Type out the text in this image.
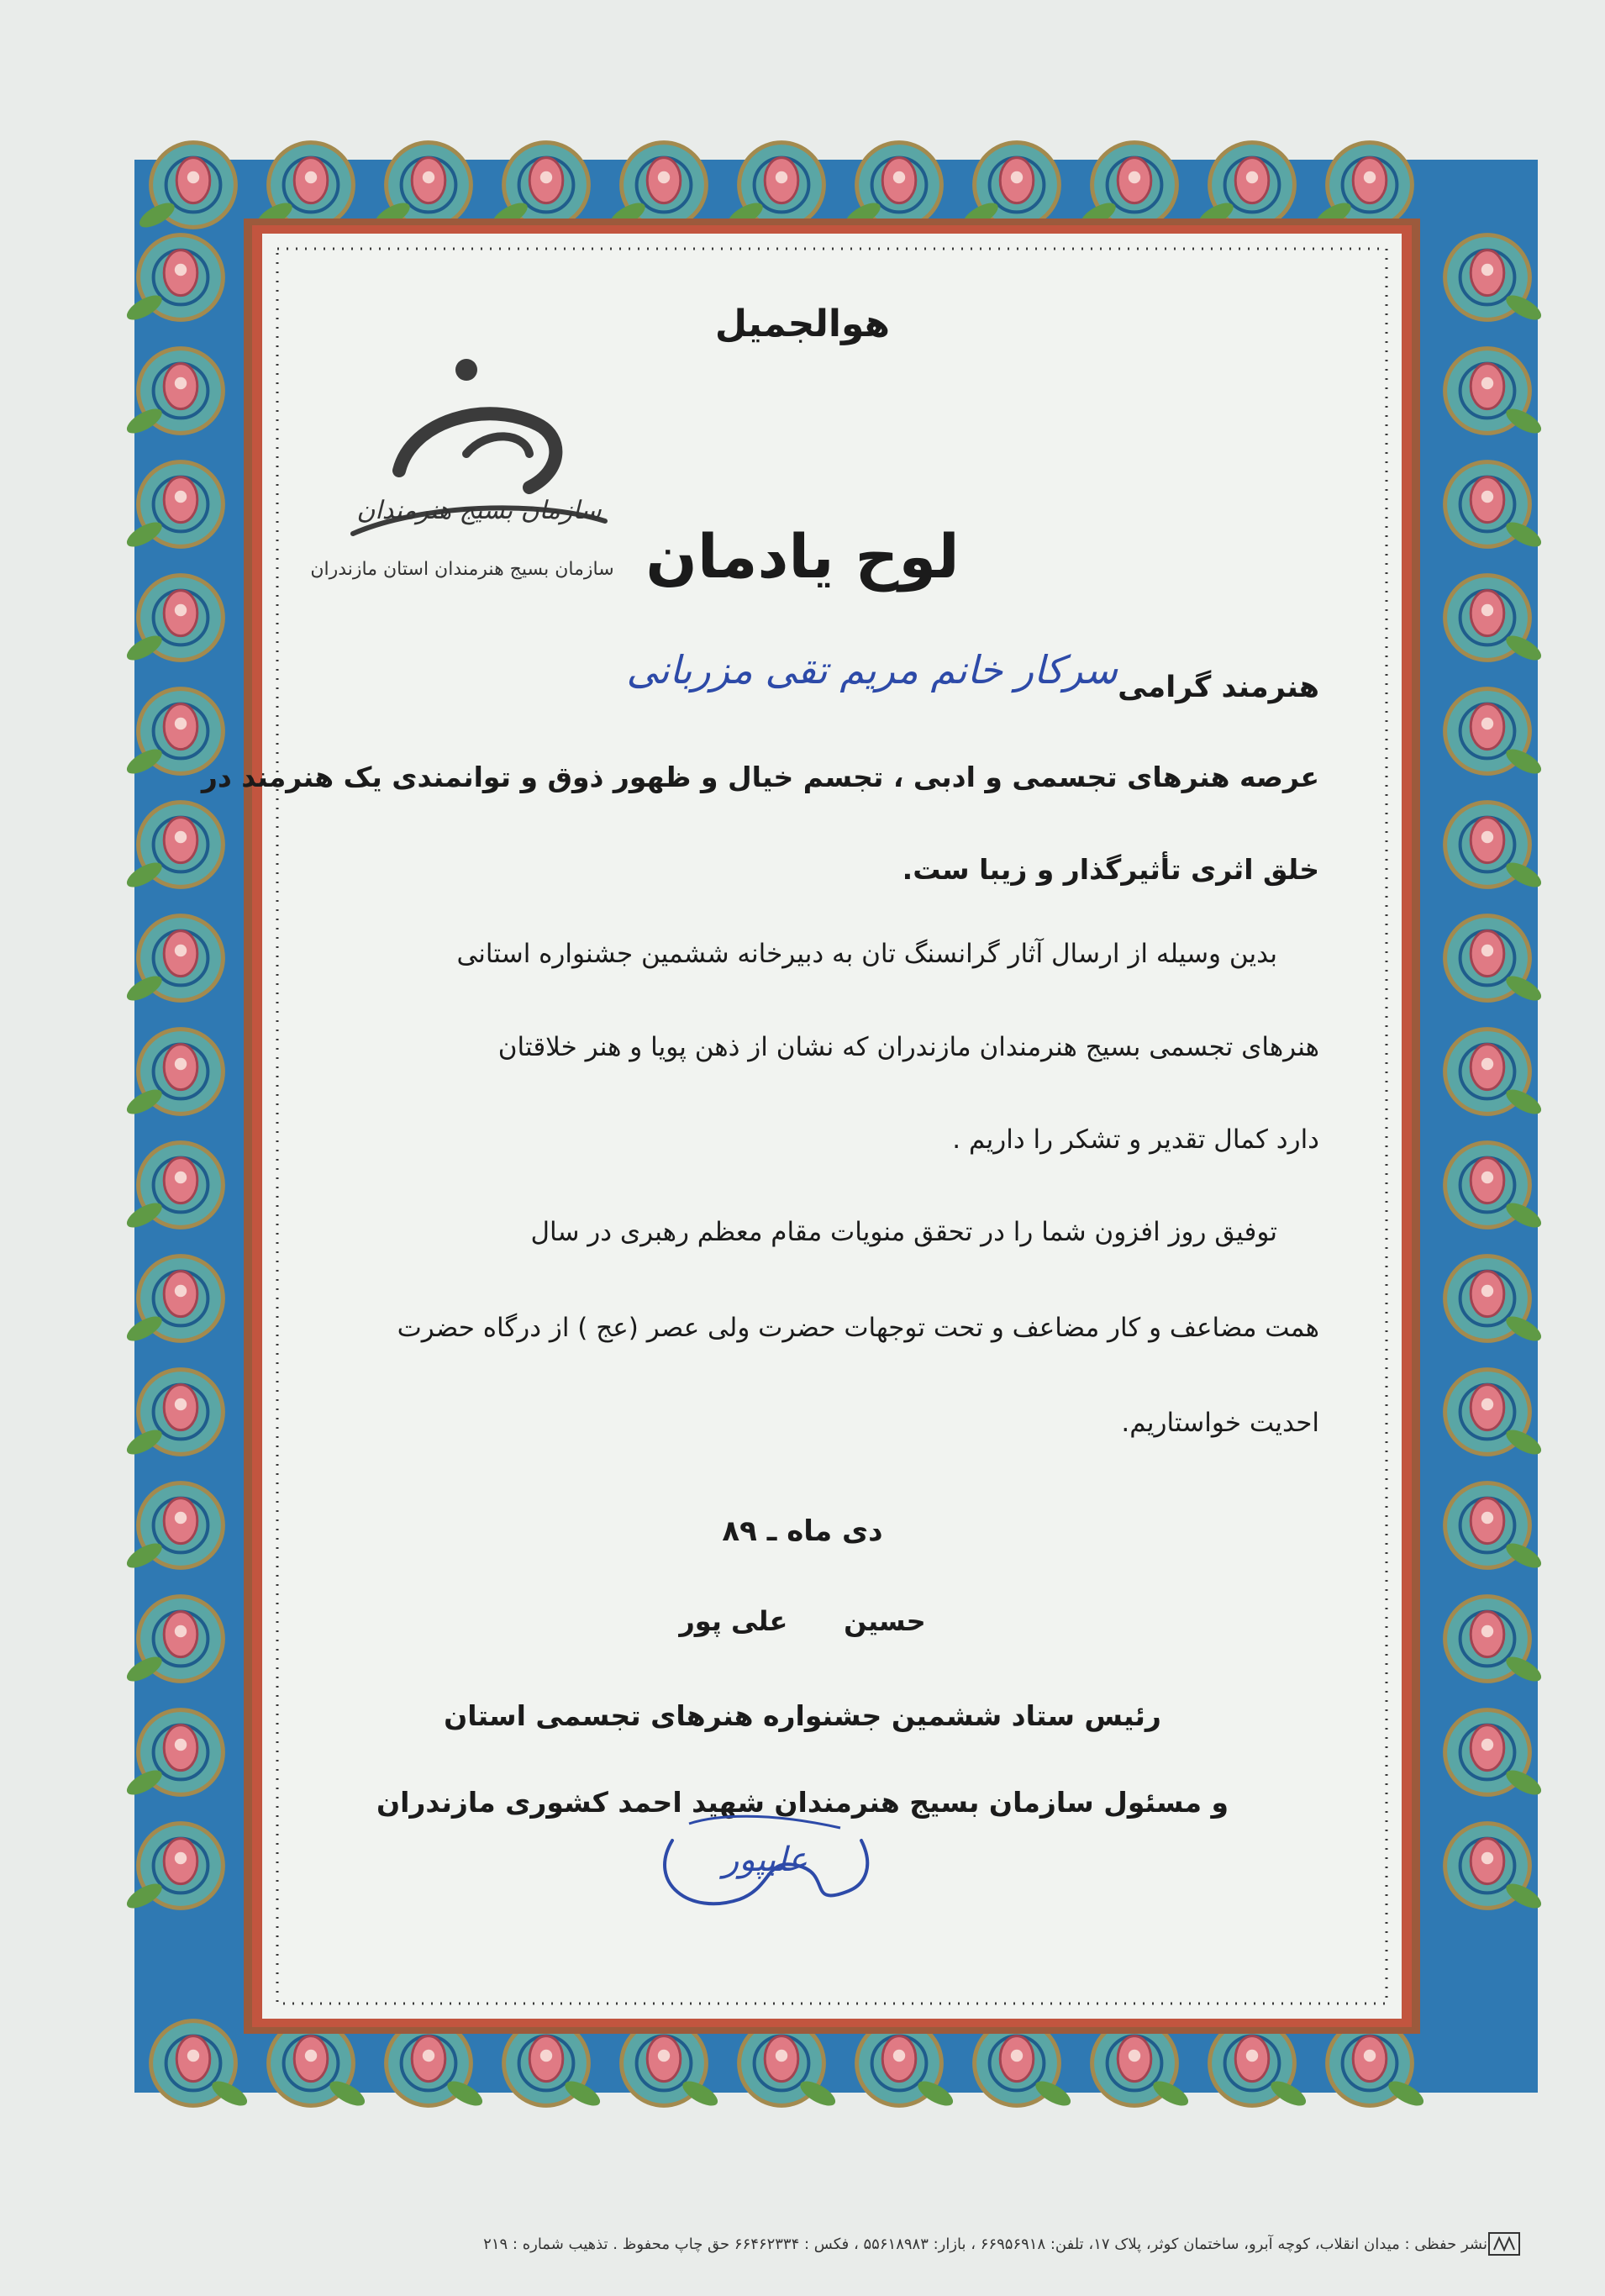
هوالجمیل
سازمان بسیج هنرمندان
سازمان بسیج هنرمندان استان مازندران لوح یادمان
هنرمند گرامی
سرکار خانم مریم تقی مزربانی
عرصه هنرهای تجسمی و ادبی ، تجسم خیال و ظهور ذوق و توانمندی یک هنرمند در
خلق اثری تأثیرگذار و زیبا ست.
بدین وسیله از ارسال آثار گرانسنگ تان به دبیرخانه ششمین جشنواره استانی
هنرهای تجسمی بسیج هنرمندان مازندران که نشان از ذهن پویا و هنر خلاقتان
دارد کمال تقدیر و تشکر را داریم .
توفیق روز افزون شما را در تحقق منویات مقام معظم رهبری در سال
همت مضاعف و کار مضاعف و تحت توجهات حضرت ولی عصر (عج ) از درگاه حضرت
احدیت خواستاریم.
دی ماه ـ ۸۹
حسین      علی پور
رئیس ستاد ششمین جشنواره هنرهای تجسمی استان
و مسئول سازمان بسیج هنرمندان شهید احمد کشوری مازندران
علیپور
نشر حفظی : میدان انقلاب، کوچه آبرو، ساختمان کوثر، پلاک ۱۷، تلفن: ۶۶۹۵۶۹۱۸ ، بازار: ۵۵۶۱۸۹۸۳ ، فکس : ۶۶۴۶۲۳۳۴ حق چاپ محفوظ . تذهیب شماره : ۲۱۹
